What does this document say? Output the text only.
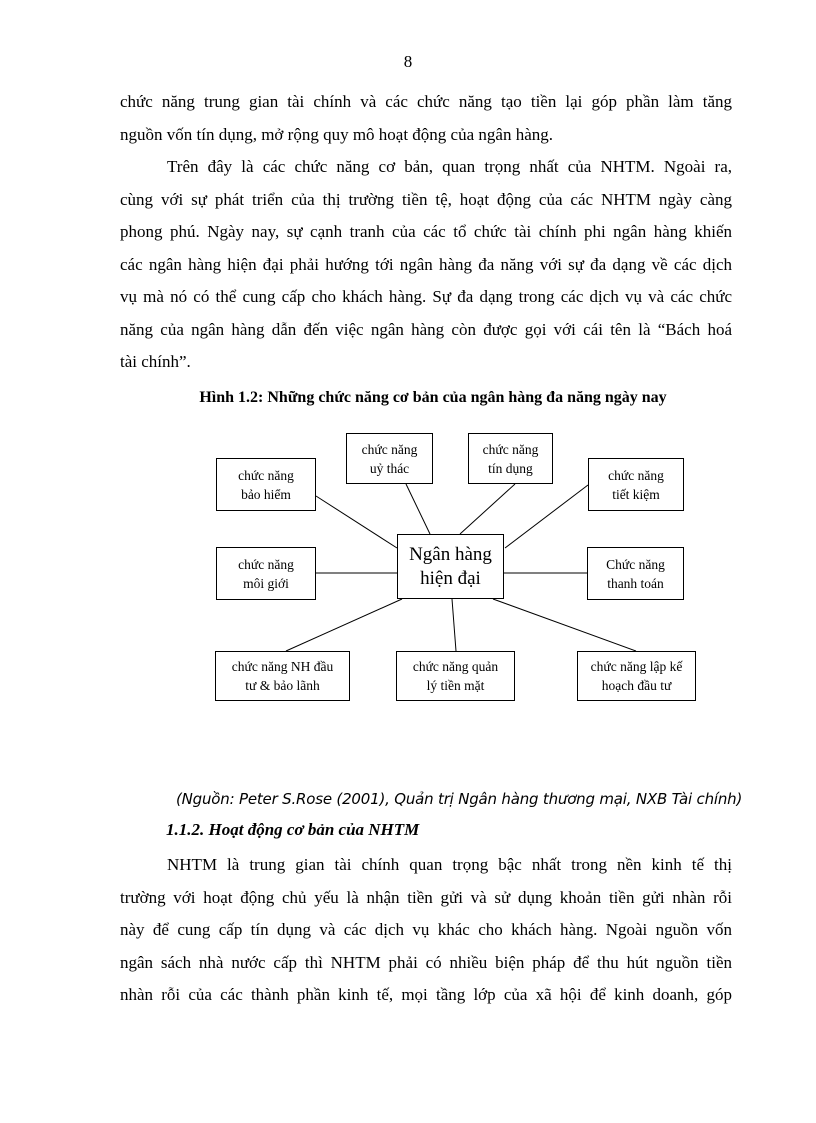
8
chức năng trung gian tài chính và các chức năng tạo tiền lại góp phần làm tăng
nguồn vốn tín dụng, mở rộng quy mô hoạt động của ngân hàng.
Trên đây là các chức năng cơ bản, quan trọng nhất của NHTM. Ngoài ra,
cùng với sự phát triển của thị trường tiền tệ, hoạt động của các NHTM ngày càng
phong phú. Ngày nay, sự cạnh tranh của các tổ chức tài chính phi ngân hàng khiến
các ngân hàng hiện đại phải hướng tới ngân hàng đa năng với sự đa dạng về các dịch
vụ mà nó có thể cung cấp cho khách hàng. Sự đa dạng trong các dịch vụ và các chức
năng của ngân hàng dẫn đến việc ngân hàng còn được gọi với cái tên là “Bách hoá
tài chính”.
Hình 1.2: Những chức năng cơ bản của ngân hàng đa năng ngày nay
chức năng
bảo hiểm
chức năng
uỷ thác
chức năng
tín dụng	chức năng
tiết kiệm
Ngân hàng
hiện đại
chức năng
môi giới
Chức năng
thanh toán
chức năng NH đầu
tư & bảo lãnh
chức năng quản
lý tiền mặt
chức năng lập kế
hoạch đầu tư
(Nguồn: Peter S.Rose (2001), Quản trị Ngân hàng thương mại, NXB Tài chính)
1.1.2. Hoạt động cơ bản của NHTM
NHTM là trung gian tài chính quan trọng bậc nhất trong nền kinh tế thị
trường với hoạt động chủ yếu là nhận tiền gửi và sử dụng khoản tiền gửi nhàn rỗi
này để cung cấp tín dụng và các dịch vụ khác cho khách hàng. Ngoài nguồn vốn
ngân sách nhà nước cấp thì NHTM phải có nhiều biện pháp để thu hút nguồn tiền
nhàn rỗi của các thành phần kinh tế, mọi tầng lớp của xã hội để kinh doanh, góp
